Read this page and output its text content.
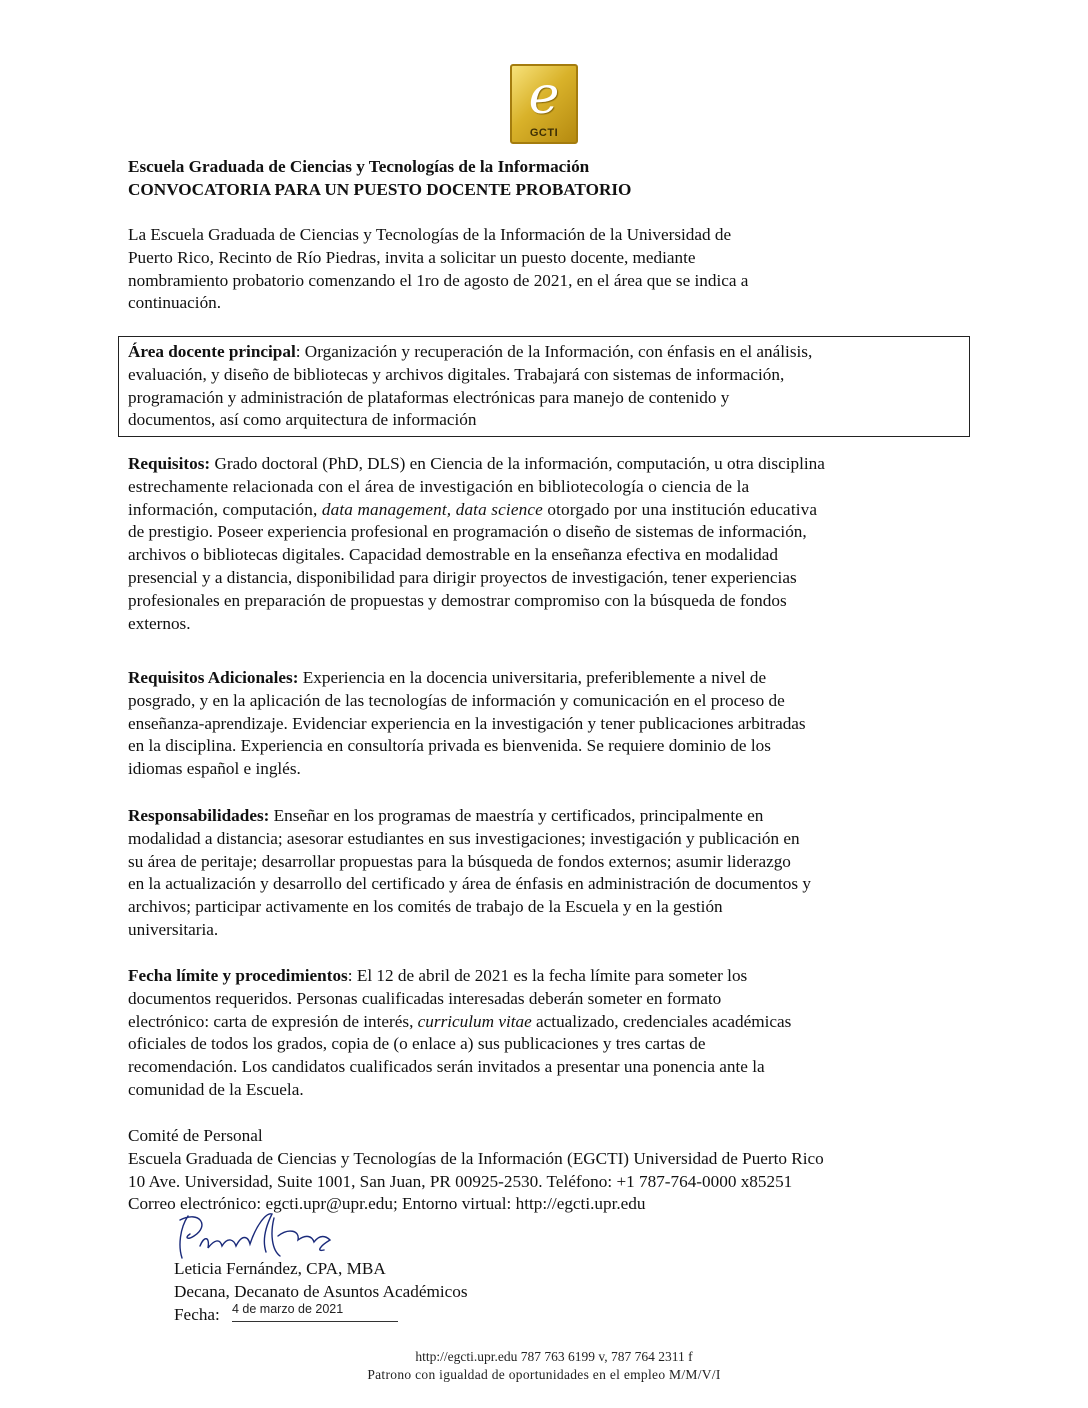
e
GCTI

Escuela Graduada de Ciencias y Tecnologías de la Información

CONVOCATORIA PARA UN PUESTO DOCENTE PROBATORIO

La Escuela Graduada de Ciencias y Tecnologías de la Información de la Universidad de

Puerto Rico, Recinto de Río Piedras, invita a solicitar un puesto docente, mediante

nombramiento probatorio comenzando el 1ro de agosto de 2021, en el área que se indica a

continuación.

Área docente principal: Organización y recuperación de la Información, con énfasis en el análisis,

evaluación, y diseño de bibliotecas y archivos digitales. Trabajará con sistemas de información,

programación y administración de plataformas electrónicas para manejo de contenido y

documentos, así como arquitectura de información

Requisitos: Grado doctoral (PhD, DLS) en Ciencia de la información, computación, u otra disciplina

estrechamente relacionada con el área de investigación en bibliotecología o ciencia de la

información, computación, data management, data science otorgado por una institución educativa

de prestigio. Poseer experiencia profesional en programación o diseño de sistemas de información,

archivos o bibliotecas digitales. Capacidad demostrable en la enseñanza efectiva en modalidad

presencial y a distancia, disponibilidad para dirigir proyectos de investigación, tener experiencias

profesionales en preparación de propuestas y demostrar compromiso con la búsqueda de fondos

externos.

Requisitos Adicionales: Experiencia en la docencia universitaria, preferiblemente a nivel de

posgrado, y en la aplicación de las tecnologías de información y comunicación en el proceso de

enseñanza-aprendizaje. Evidenciar experiencia en la investigación y tener publicaciones arbitradas

en la disciplina. Experiencia en consultoría privada es bienvenida. Se requiere dominio de los

idiomas español e inglés.

Responsabilidades: Enseñar en los programas de maestría y certificados, principalmente en

modalidad a distancia; asesorar estudiantes en sus investigaciones; investigación y publicación en

su área de peritaje; desarrollar propuestas para la búsqueda de fondos externos; asumir liderazgo

en la actualización y desarrollo del certificado y área de énfasis en administración de documentos y

archivos; participar activamente en los comités de trabajo de la Escuela y en la gestión

universitaria.

Fecha límite y procedimientos: El 12 de abril de 2021 es la fecha límite para someter los

documentos requeridos. Personas cualificadas interesadas deberán someter en formato

electrónico: carta de expresión de interés, curriculum vitae actualizado, credenciales académicas

oficiales de todos los grados, copia de (o enlace a) sus publicaciones y tres cartas de

recomendación. Los candidatos cualificados serán invitados a presentar una ponencia ante la

comunidad de la Escuela.

Comité de Personal

Escuela Graduada de Ciencias y Tecnologías de la Información (EGCTI) Universidad de Puerto Rico

10 Ave. Universidad, Suite 1001, San Juan, PR 00925-2530. Teléfono: +1 787-764-0000 x85251

Correo electrónico: egcti.upr@upr.edu; Entorno virtual: http://egcti.upr.edu

Leticia Fernández, CPA, MBA
Decana, Decanato de Asuntos Académicos
Fecha: 4 de marzo de 2021
http://egcti.upr.edu 787 763 6199 v, 787 764 2311 f
Patrono con igualdad de oportunidades en el empleo M/M/V/I
